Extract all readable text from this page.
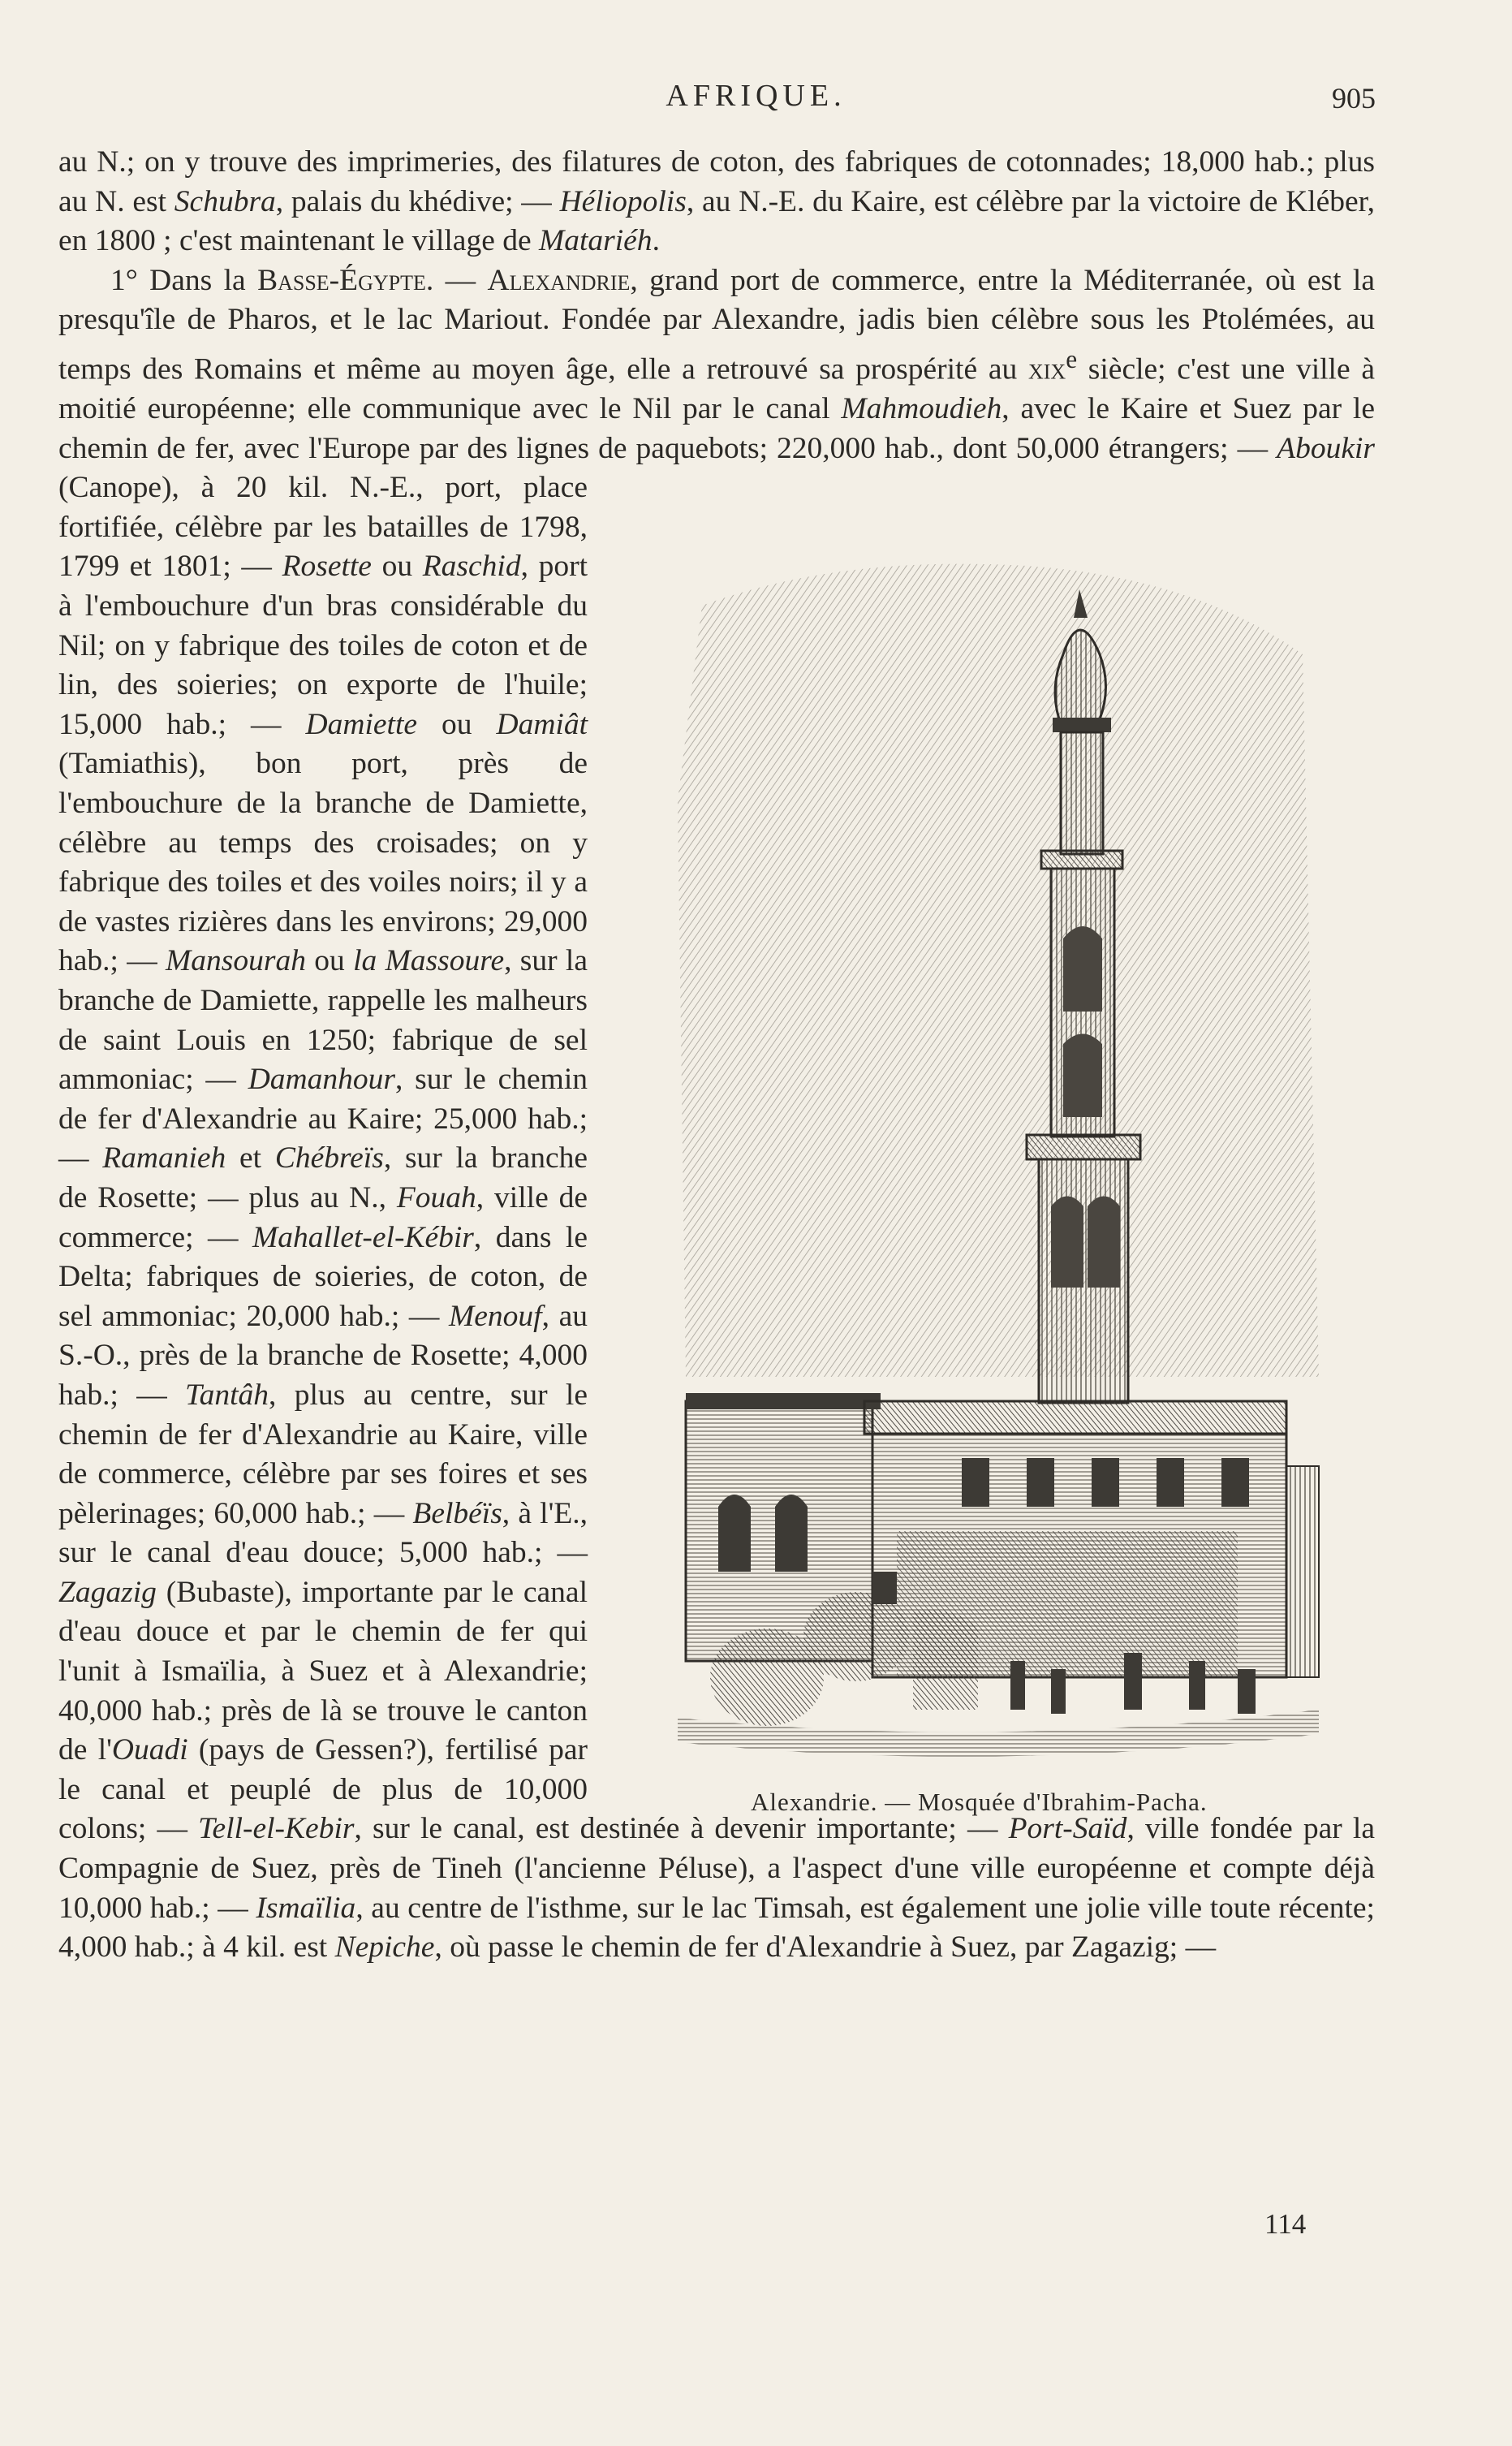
AFRIQUE.	905

au N.; on y trouve des imprimeries, des filatures de coton, des fabriques de cotonnades; 18,000 hab.; plus au N. est Schubra, palais du khédive; — Héliopolis, au N.-E. du Kaire, est célèbre par la victoire de Kléber, en 1800 ; c'est maintenant le village de Matariéh.

1° Dans la Basse-Égypte. — Alexandrie, grand port de commerce, entre la Méditerranée, où est la presqu'île de Pharos, et le lac Mariout. Fondée par Alexandre, jadis bien célèbre sous les Ptolémées, au temps des Romains et même au moyen âge, elle a retrouvé sa prospérité au xix$^e$ siècle; c'est une ville à moitié européenne; elle communique avec le Nil par le canal Mahmoudieh, avec le Kaire et Suez par le chemin de fer, avec l'Europe par des lignes de paquebots; 220,000 hab., dont 50,000 étrangers; —
Aboukir (Canope), à 20 kil. N.-E., port, place fortifiée, célèbre par les batailles de 1798, 1799 et 1801; — Rosette ou Raschid, port à l'embouchure d'un bras considérable du Nil; on y fabrique des toiles de coton et de lin, des soieries; on exporte de l'huile; 15,000 hab.; — Damiette ou Damiât (Tamiathis), bon port, près de l'embouchure de la branche de Damiette, célèbre au temps des croisades; on y fabrique des toiles et des voiles noirs; il y a de vastes rizières dans les environs; 29,000 hab.; — Mansourah ou la Massoure, sur la branche de Damiette, rappelle les malheurs de saint Louis en 1250; fabrique de sel ammoniac; — Damanhour, sur le chemin de fer d'Alexandrie au Kaire; 25,000 hab.; — Ramanieh et Chébreïs, sur la branche de Rosette; — plus au N., Fouah, ville de commerce; — Mahallet-el-Kébir, dans le Delta; fabriques de soieries, de coton, de sel ammoniac; 20,000 hab.; — Menouf, au S.-O., près de la branche de Rosette; 4,000 hab.; — Tantâh, plus au centre, sur le chemin de fer d'Alexandrie au Kaire, ville de commerce, célèbre par ses foires et ses pèlerinages; 60,000 hab.; — Belbéïs, à l'E., sur le canal d'eau douce; 5,000 hab.; — Zagazig (Bubaste), importante par le canal d'eau douce et par le chemin de fer qui l'unit à Ismaïlia, à Suez et à Alexandrie; 40,000 hab.; près de là se trouve le canton de l'Ouadi (pays de Gessen?), fertilisé par le canal et peuplé de plus de 10,000 colons; — Tell-el-Kebir, sur le canal, est destinée à devenir importante; — Port-Saïd, ville fondée par la Compagnie de Suez, près de Tineh (l'ancienne Péluse), a l'aspect d'une ville européenne et compte déjà 10,000 hab.; — Ismaïlia, au centre de l'isthme, sur le lac Timsah, est également une jolie ville toute récente; 4,000 hab.; à 4 kil. est Nepiche, où passe le chemin de fer d'Alexandrie à Suez, par Zagazig; —

Alexandrie. — Mosquée d'Ibrahim-Pacha.
114
